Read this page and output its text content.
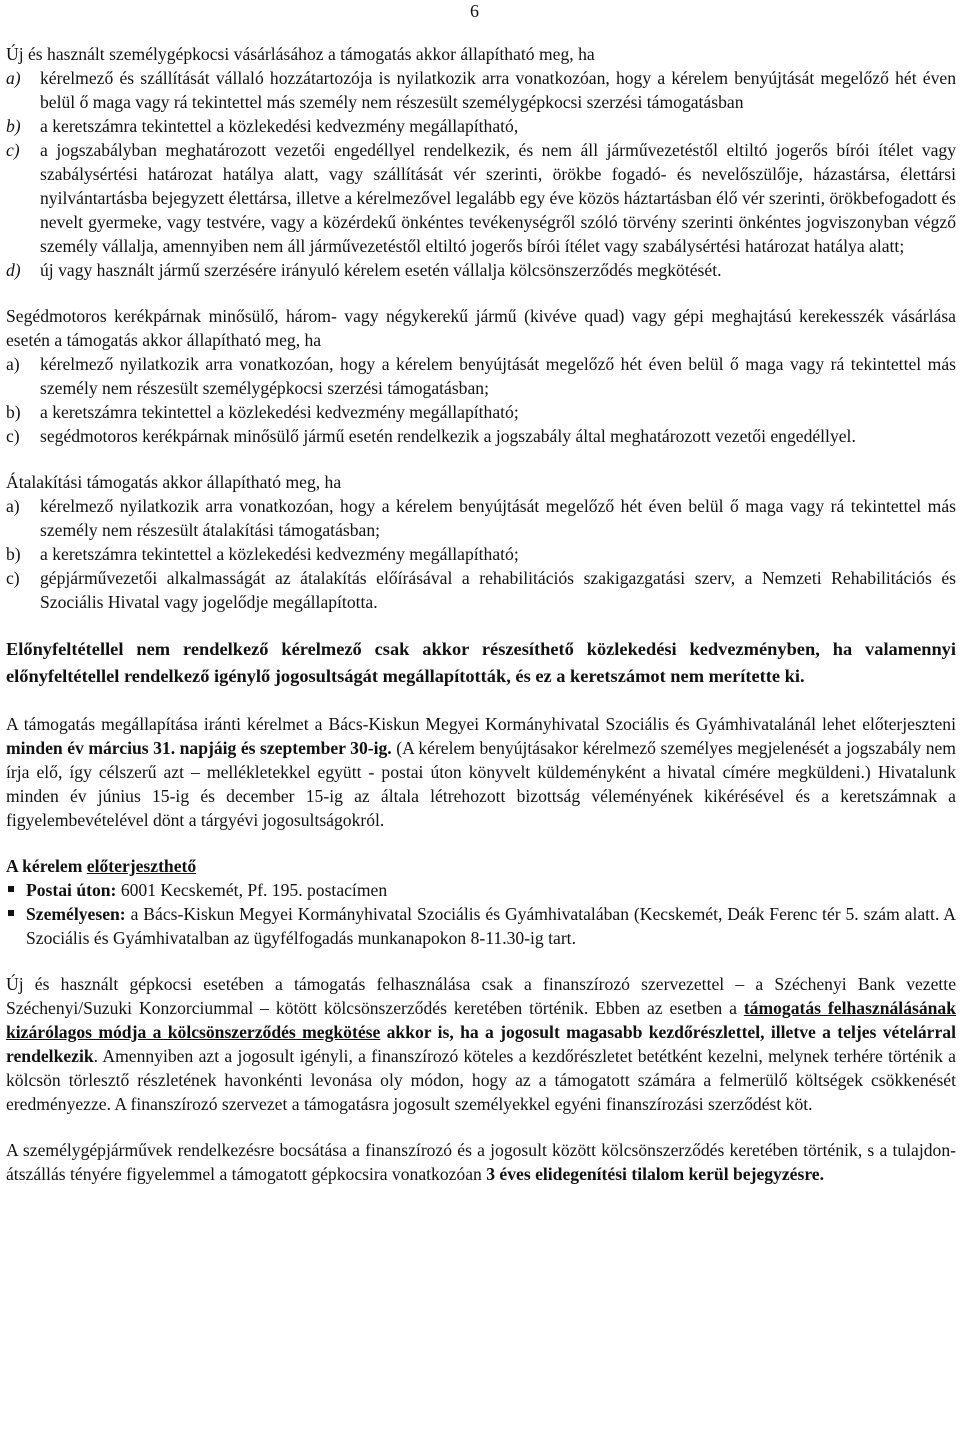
6

Új és használt személygépkocsi vásárlásához a támogatás akkor állapítható meg, ha

a)	kérelmező és szállítását vállaló hozzátartozója is nyilatkozik arra vonatkozóan, hogy a kérelem benyújtását megelőző hét éven belül ő maga vagy rá tekintettel más személy nem részesült személygépkocsi szerzési támogatásban
b)	a keretszámra tekintettel a közlekedési kedvezmény megállapítható,
c)	a jogszabályban meghatározott vezetői engedéllyel rendelkezik, és nem áll járművezetéstől eltiltó jogerős bírói ítélet vagy szabálysértési határozat hatálya alatt, vagy szállítását vér szerinti, örökbe fogadó- és nevelőszülője, házastársa, élettársi nyilvántartásba bejegyzett élettársa, illetve a kérelmezővel legalább egy éve közös háztartásban élő vér szerinti, örökbefogadott és nevelt gyermeke, vagy testvére, vagy a közérdekű önkéntes tevékenységről szóló törvény szerinti önkéntes jogviszonyban végző személy vállalja, amennyiben nem áll járművezetéstől eltiltó jogerős bírói ítélet vagy szabálysértési határozat hatálya alatt;
d)	új vagy használt jármű szerzésére irányuló kérelem esetén vállalja kölcsönszerződés megkötését.

Segédmotoros kerékpárnak minősülő, három- vagy négykerekű jármű (kivéve quad) vagy gépi meghajtású kerekesszék vásárlása esetén a támogatás akkor állapítható meg, ha

a)	kérelmező nyilatkozik arra vonatkozóan, hogy a kérelem benyújtását megelőző hét éven belül ő maga vagy rá tekintettel más személy nem részesült személygépkocsi szerzési támogatásban;
b)	a keretszámra tekintettel a közlekedési kedvezmény megállapítható;
c)	segédmotoros kerékpárnak minősülő jármű esetén rendelkezik a jogszabály által meghatározott vezetői engedéllyel.

Átalakítási támogatás akkor állapítható meg, ha

a)	kérelmező nyilatkozik arra vonatkozóan, hogy a kérelem benyújtását megelőző hét éven belül ő maga vagy rá tekintettel más személy nem részesült átalakítási támogatásban;
b)	a keretszámra tekintettel a közlekedési kedvezmény megállapítható;
c)	gépjárművezetői alkalmasságát az átalakítás előírásával a rehabilitációs szakigazgatási szerv, a Nemzeti Rehabilitációs és Szociális Hivatal vagy jogelődje megállapította.

Előnyfeltétellel nem rendelkező kérelmező csak akkor részesíthető közlekedési kedvezményben, ha valamennyi előnyfeltétellel rendelkező igénylő jogosultságát megállapították, és ez a keretszámot nem merítette ki.

A támogatás megállapítása iránti kérelmet a Bács-Kiskun Megyei Kormányhivatal Szociális és Gyámhivatalánál lehet előterjeszteni minden év március 31. napjáig és szeptember 30-ig. (A kérelem benyújtásakor kérelmező személyes megjelenését a jogszabály nem írja elő, így célszerű azt – mellékletekkel együtt - postai úton könyvelt küldeményként a hivatal címére megküldeni.) Hivatalunk minden év június 15-ig és december 15-ig az általa létrehozott bizottság véleményének kikérésével és a keretszámnak a figyelembevételével dönt a tárgyévi jogosultságokról.

A kérelem előterjeszthető

Postai úton: 6001 Kecskemét, Pf. 195. postacímen
Személyesen: a Bács-Kiskun Megyei Kormányhivatal Szociális és Gyámhivatalában (Kecskemét, Deák Ferenc tér 5. szám alatt. A Szociális és Gyámhivatalban az ügyfélfogadás munkanapokon 8-11.30-ig tart.

Új és használt gépkocsi esetében a támogatás felhasználása csak a finanszírozó szervezettel – a Széchenyi Bank vezette Széchenyi/Suzuki Konzorciummal – kötött kölcsönszerződés keretében történik. Ebben az esetben a támogatás felhasználásának kizárólagos módja a kölcsönszerződés megkötése akkor is, ha a jogosult magasabb kezdőrészlettel, illetve a teljes vételárral rendelkezik. Amennyiben azt a jogosult igényli, a finanszírozó köteles a kezdőrészletet betétként kezelni, melynek terhére történik a kölcsön törlesztő részletének havonkénti levonása oly módon, hogy az a támogatott számára a felmerülő költségek csökkenését eredményezze. A finanszírozó szervezet a támogatásra jogosult személyekkel egyéni finanszírozási szerződést köt.

A személygépjárművek rendelkezésre bocsátása a finanszírozó és a jogosult között kölcsönszerződés keretében történik, s a tulajdon-átszállás tényére figyelemmel a támogatott gépkocsira vonatkozóan 3 éves elidegenítési tilalom kerül bejegyzésre.
